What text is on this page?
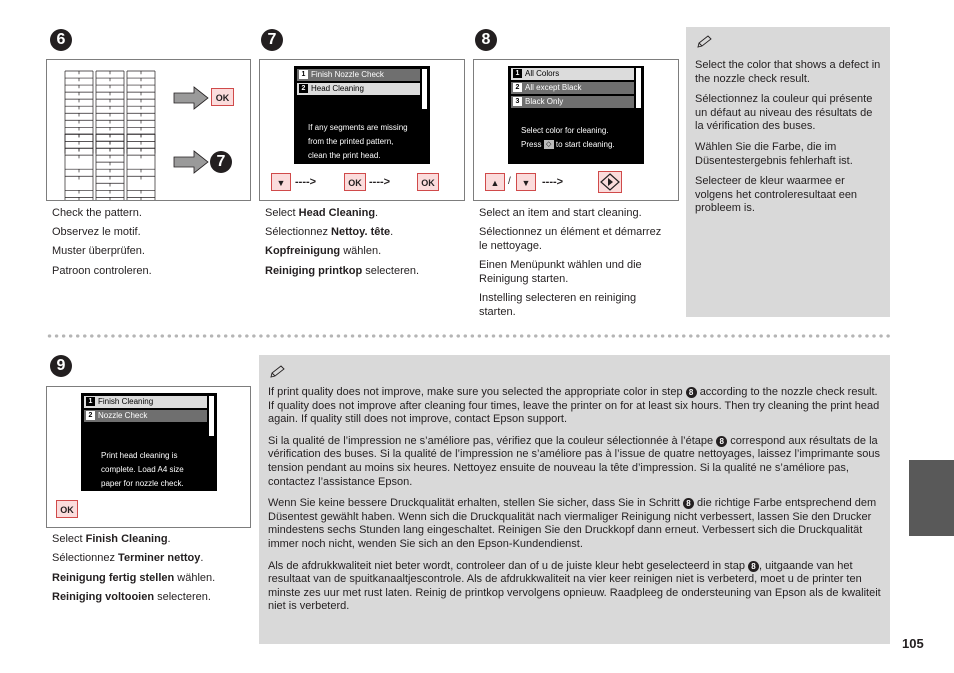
6
OK
7
Check the pattern.
Observez le motif.
Muster überprüfen.
Patroon controleren.
7
1 Finish Nozzle Check
2 Head Cleaning
If any segments are missing
from the printed pattern,
clean the print head.
▼ ---->	OK ---->	OK
Select Head Cleaning.
Sélectionnez Nettoy. tête.
Kopfreinigung wählen.
Reiniging printkop selecteren.
8
1 All Colors
2 All except Black
3 Black Only
Select color for cleaning.
Press ◇ to start cleaning.
▲ /	▼	---->
Select an item and start cleaning.
Sélectionnez un élément et démarrez le nettoyage.
Einen Menüpunkt wählen und die Reinigung starten.
Instelling selecteren en reiniging starten.

Select the color that shows a defect in the nozzle check result.

Sélectionnez la couleur qui présente un défaut au niveau des résultats de la vérification des buses.

Wählen Sie die Farbe, die im Düsentestergebnis fehlerhaft ist.

Selecteer de kleur waarmee er volgens het controleresultaat een probleem is.

9
1 Finish Cleaning
2 Nozzle Check
Print head cleaning is
complete. Load A4 size
paper for nozzle check.
OK
Select Finish Cleaning.
Sélectionnez Terminer nettoy.
Reinigung fertig stellen wählen.
Reiniging voltooien selecteren.

If print quality does not improve, make sure you selected the appropriate color in step 8 according to the nozzle check result. If quality does not improve after cleaning four times, leave the printer on for at least six hours. Then try cleaning the print head again. If quality still does not improve, contact Epson support.

Si la qualité de l’impression ne s’améliore pas, vérifiez que la couleur sélectionnée à l’étape 8 correspond aux résultats de la vérification des buses. Si la qualité de l’impression ne s’améliore pas à l’issue de quatre nettoyages, laissez l’imprimante sous tension pendant au moins six heures. Nettoyez ensuite de nouveau la tête d’impression. Si la qualité ne s’améliore pas, contactez l’assistance Epson.

Wenn Sie keine bessere Druckqualität erhalten, stellen Sie sicher, dass Sie in Schritt 8 die richtige Farbe entsprechend dem Düsentest gewählt haben. Wenn sich die Druckqualität nach viermaliger Reinigung nicht verbessert, lassen Sie den Drucker mindestens sechs Stunden lang eingeschaltet. Reinigen Sie den Druckkopf dann erneut. Verbessert sich die Druckqualität immer noch nicht, wenden Sie sich an den Epson-Kundendienst.

Als de afdrukkwaliteit niet beter wordt, controleer dan of u de juiste kleur hebt geselecteerd in stap 8 , uitgaande van het resultaat van de spuitkanaaltjescontrole. Als de afdrukkwaliteit na vier keer reinigen niet is verbeterd, moet u de printer ten minste zes uur met rust laten. Reinig de printkop vervolgens opnieuw. Raadpleeg de ondersteuning van Epson als de kwaliteit niet is verbeterd.

105
